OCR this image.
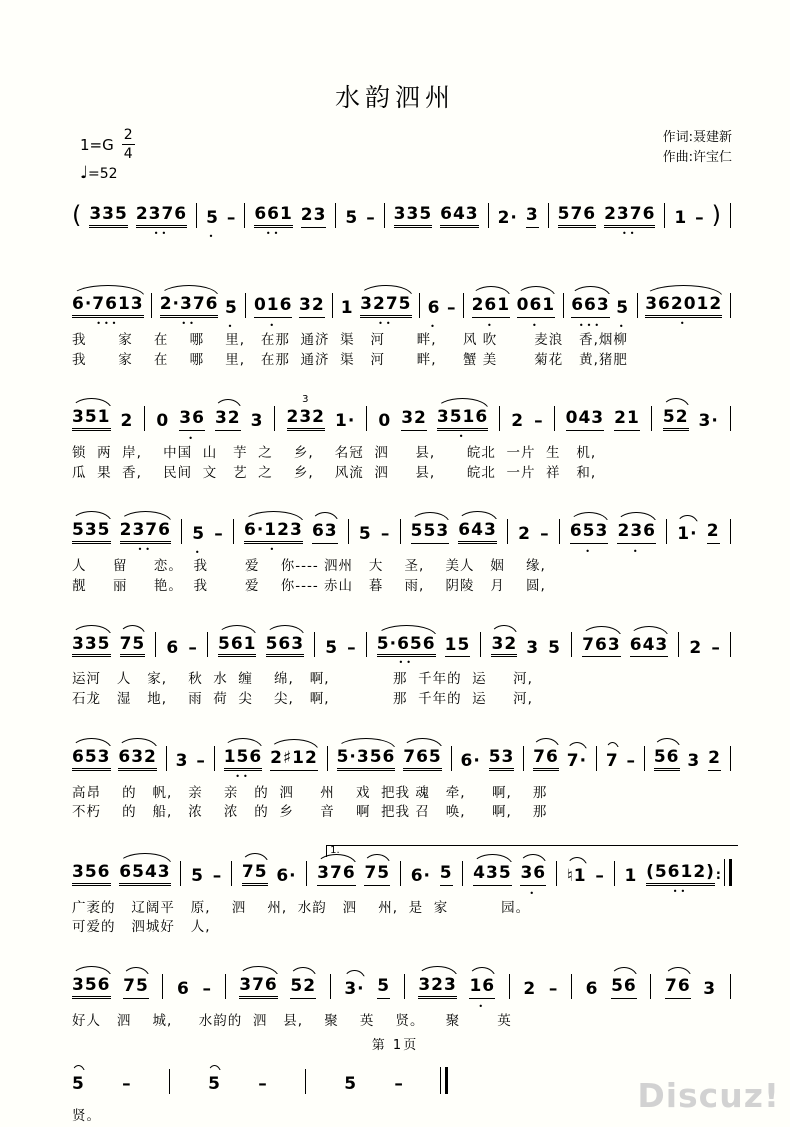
水韵泗州
$1=G \frac{2}{4}$
♩=52
作词:聂建新
作曲:许宝仁
( 335 2376
••
5
•
– 661
••
23 5 – 335 643 2· 3 576 2376
••
1 – )
6·7613
•••
2·376
••
5
•
016
•
32 1 3275
••
6
•
– 261
•
061
•
663
•••
5
•
362012
•
我      家    在    哪    里,   在那  通济  渠   河      畔,     风 吹       麦浪   香,烟柳
我      家    在    哪    里,   在那  通济  渠   河      畔,     蟹 美       菊花   黄,猪肥
351 2 0 36
•
32 3 232
3
1· 0 32 3516
•
2 – 043 21 52 3·
锁  两  岸,    中国  山   芋  之    乡,    名冠  泗     县,      皖北  一片  生   机,
瓜  果  香,    民间  文   艺  之    乡,    风流  泗     县,      皖北  一片  祥   和,
535 2376
••
5
•
– 6·123
•
63 5 – 553 643 2 – 653
•
236
•
1· 2
人     留     恋。  我       爱    你---- 泗州   大    圣,    美人   姻    缘,
靓     丽     艳。  我       爱    你---- 赤山   暮    雨,    阴陵   月    圆,
335 75 6 – 561 563 5 – 5·656
••
15 32 3 5 763 643 2 –
运河   人   家,    秋  水  缠    绵,   啊,            那  千年的  运     河,
石龙   湿   地,    雨  荷  尖    尖,   啊,            那  千年的  运     河,
653 632 3 – 156
••
2♯12 5·356 765 6· 53 76 7· 7 – 56 3 2
高昂    的   帆,   亲    亲   的  泗     州    戏  把我 魂   牵,     啊,    那
不朽    的   船,   浓    浓   的  乡     音    啊  把我 召   唤,     啊,    那
1.
356 6543 5 – 75 6· 376 75 6· 5 435 36
•
♮1 – 1 (5612)
••
:
广袤的   辽阔平   原,    泗    州,  水韵   泗    州,  是  家          园。
可爱的   泗城好   人,
356 75 6 – 376 52 3· 5 323 16
•
2 – 6 56 76 3
好人   泗    城,     水韵的  泗   县,    聚    英    贤。    聚       英
5 –	5 –	5 –
贤。
第 1页
Discuz!
